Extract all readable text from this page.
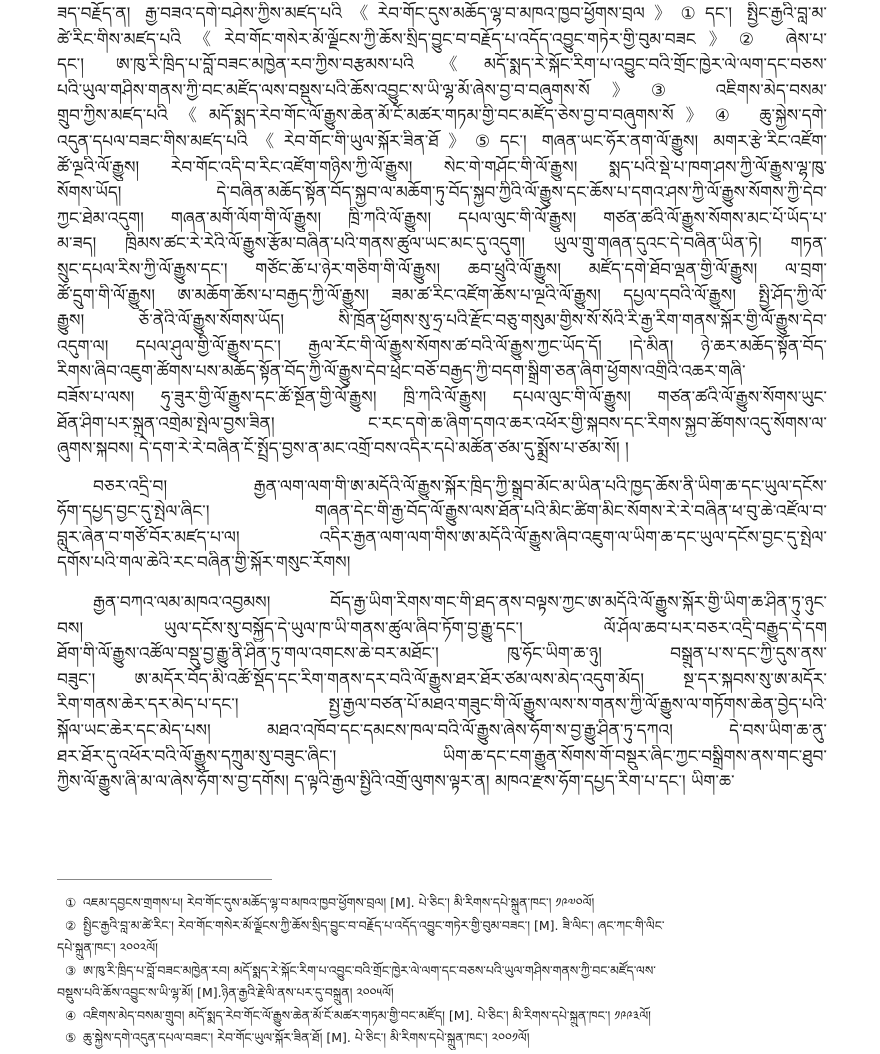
ཟད་བརྗོད་ན། རྒྱ་བཟའ་དགེ་བཤེས་ཀྱིས་མཛད་པའི《རེབ་གོང་དུས་མཆོད་ལྷ་བ་མཁའ་ཁྱབ་ཕྱོགས་བྲལ》①དང་། སྤྱིང་རྒྱའི་བླ་མ་
ཚེ་རིང་གིས་མཛད་པའི《རེབ་གོང་གསེར་མོ་ལྗོངས་ཀྱི་ཆོས་སྲིད་བྱུང་བ་བརྗོད་པ་འདོད་འབྱུང་གཏེར་གྱི་བུམ་བཟང》② ཞེས་པ་
དང་། ཨ་ཁུ་རི་ཁྲིད་པ་བློ་བཟང་མཁྱེན་རབ་ཀྱིས་བརྩམས་པའི《མདོ་སྨད་རེ་སྐོང་རིག་པ་འབྱུང་བའི་གྲོང་ཁྱེར་ལེ་ལག་དང་བཅས་
པའི་ཡུལ་གཤིས་གནས་ཀྱི་བང་མཛོད་ལས་བསྡུས་པའི་ཆོས་འབྱུང་ས་ཡི་ལྷ་མོ་ཞེས་བྱ་བ་བཞུགས་སོ》③ འཇིགས་མེད་བསམ་
གྲུབ་ཀྱིས་མཛད་པའི《མདོ་སྨད་རེབ་གོང་ལོ་རྒྱུས་ཆེན་མོ་ངོ་མཚར་གཏམ་གྱི་བང་མཛོད་ཅེས་བྱ་བ་བཞུགས་སོ》④ ཆུ་སྐྱེས་དགེ་
འདུན་དཔལ་བཟང་གིས་མཛད་པའི《རེབ་གོང་གི་ཡུལ་སྐོར་ཟིན་ཐོ》⑤དང་། གཞན་ཡང་ཧོར་ནག་ལོ་རྒྱུས། མགར་རྩེ་རིང་འཛོག་
ཚོ་ལྔའི་ལོ་རྒྱུས། རེབ་གོང་འདི་བ་རིང་འཛོག་གཉིས་ཀྱི་ལོ་རྒྱུས། སེང་གེ་གཤོང་གི་ལོ་རྒྱུས། སྨད་པའི་སྡེ་པ་ཁག་ཤས་ཀྱི་ལོ་རྒྱུས་ལྷ་ཁུ་
སོགས་ཡོད། དེ་བཞིན་མཆོད་སྟོན་བོད་སྐྱབ་ལ་མཆོག་ཏུ་བོད་སྐྱབ་ཀྱིའི་ལོ་རྒྱུས་དང་ཆོས་པ་དགའ་ཤས་ཀྱི་ལོ་རྒྱུས་སོགས་ཀྱི་དེབ་
ཀྱང་ཐེམ་འདུག། གཞན་མགོ་ལོག་གི་ལོ་རྒྱུས། ཁྲི་ཀའི་ལོ་རྒྱུས། དཔལ་ལུང་གི་ལོ་རྒྱུས། གཙན་ཚའི་ལོ་རྒྱུས་སོགས་མང་པོ་ཡོད་པ་
མ་ཟད། ཁྲིམས་ཚང་རེ་རེའི་ལོ་རྒྱུས་རྩོམ་བཞིན་པའི་གནས་ཚུལ་ཡང་མང་དུ་འདུག། ཡུལ་གྲུ་གཞན་དུའང་དེ་བཞིན་ཡིན་ཏེ། གཏན་
སྲུང་དཔལ་རིས་ཀྱི་ལོ་རྒྱུས་དང་། གཙོང་ཆོ་པ་ཉེར་གཅིག་གི་ལོ་རྒྱུས། ཆབ་ཕྲུའི་ལོ་རྒྱུས། མཛོད་དགེ་ཐོབ་ལྡན་གྱི་ལོ་རྒྱུས། ལ་བྲག་
ཚོ་དྲུག་གི་ལོ་རྒྱུས། ཨ་མཆོག་ཆོས་པ་བརྒྱད་ཀྱི་ལོ་རྒྱུས། ཟམ་ཚ་རིང་འཛོག་ཆོས་པ་ལྔའི་ལོ་རྒྱུས། དཔྱལ་དབའི་ལོ་རྒྱུས། སྤྱི་ཤོད་ཀྱི་ལོ་
རྒྱུས། ཅོ་ནེའི་ལོ་རྒྱུས་སོགས་ཡོད། སི་ཁྲོན་ཕྱོགས་སུ་ཧྲ་པའི་རྫོང་བཅུ་གསུམ་གྱིས་སོ་སོའི་རི་རྒྱ་རིག་གནས་སྐོར་གྱི་ལོ་རྒྱུས་དེབ་
འདུག་ལ། དཔལ་ཤུལ་གྱི་ལོ་རྒྱུས་དང་། རྒྱལ་རོང་གི་ལོ་རྒྱུས་སོགས་ཚ་བའི་ལོ་རྒྱུས་ཀྱང་ཡོད་དོ། །དེ་མིན། ཉེ་ཆར་མཆོད་སྟོན་བོད་
རིགས་ཞིབ་འཇུག་ཚོགས་པས་མཆོད་སྟོན་བོད་ཀྱི་ལོ་རྒྱུས་དེབ་ཕྲེང་བཅོ་བརྒྱད་ཀྱི་བདག་སྒྲིག་ཅན་ཞིག་ཕྱོགས་འགྲིའི་འཆར་གཞི་
བཟོས་པ་ལས། ཧུ་ཟུར་གྱི་ལོ་རྒྱུས་དང་ཚོ་སྔོན་གྱི་ལོ་རྒྱུས། ཁྲི་ཀའི་ལོ་རྒྱུས། དཔལ་ལུང་གི་ལོ་རྒྱུས། གཙན་ཚའི་ལོ་རྒྱུས་སོགས་ཡུང་
ཐོན་ཤིག་པར་སྐྲུན་འགྲེམ་སྤེལ་བྱས་ཟིན། ང་རང་དགེ་ཆ་ཞིག་དགའ་ཆར་འཕོར་གྱི་སྐབས་དང་རིགས་སྐྱབ་ཚོགས་འདུ་སོགས་ལ་
ཞུགས་སྐབས། དེ་དག་རེ་རེ་བཞིན་ངོ་སྤྲོད་བྱས་ན་མང་འགྲོ་བས་འདིར་དཔེ་མཚོན་ཙམ་དུ་སྨྲོས་པ་ཙམ་སོ། །
བཅར་འདྲི་བ། རྒྱན་ལག་ལག་གི་ཨ་མདོའི་ལོ་རྒྱུས་སྐོར་ཁྲིད་ཀྱི་སྒྲུབ་མོང་མ་ཡིན་པའི་ཁྱད་ཆོས་ནི་ཡིག་ཆ་དང་ཡུལ་དངོས་
ཧོག་དཔྱད་བྱང་དུ་སྤེལ་ཞིང་། གཞན་དེང་གི་རྒྱ་བོད་ལོ་རྒྱུས་ལས་ཐོན་པའི་མིང་ཚིག་མིང་སོགས་རེ་རེ་བཞིན་ཕ་བུ་ཆེ་འཛོལ་བ་
བླུར་ཞེན་བ་གཙོ་བོར་མཛད་པ་ལ། འདིར་རྒྱན་ལག་ལག་གིས་ཨ་མདོའི་ལོ་རྒྱུས་ཞིབ་འཇུག་ལ་ཡིག་ཆ་དང་ཡུལ་དངོས་བྱང་དུ་སྤེལ་
དགོས་པའི་གལ་ཆེའི་རང་བཞིན་གྱི་སྐོར་གསུང་རོགས།
རྒྱན་བཀའ་ལམ་མཁའ་འབྱམས། བོད་རྒྱ་ཡིག་རིགས་གང་གི་ཐད་ནས་བལྟས་ཀྱང་ཨ་མདོའི་ལོ་རྒྱུས་སྐོར་གྱི་ཡིག་ཆ་ཤིན་ཏུ་ཉུང་
བས། ཡུལ་དངོས་སུ་བསྐྱོད་དེ་ཡུལ་ཁ་ཡི་གནས་ཚུལ་ཞིབ་ཏོག་བྱ་རྒྱུ་དང་། ལོ་ཤོལ་ཆབ་པར་བཅར་འདྲི་བརྒྱུད་དེ་དག
ཐོག་གི་ལོ་རྒྱུས་འཚོལ་བསྡུ་བྱ་རྒྱུ་ནི་ཤིན་ཏུ་གལ་འགངས་ཆེ་བར་མཐོང་། ཁུ་ཧོང་ཡིག་ཆ་ཉུ། བསྒྲུན་པ་ས་དང་ཀྱི་དུས་ནས་
བཟུང་། ཨ་མདོར་བོད་མི་འཚོ་སྡོད་དང་རིག་གནས་དར་བའི་ལོ་རྒྱུས་ཐར་ཐོར་ཙམ་ལས་མེད་འདུག་མོད། སྔ་དར་སྐབས་སུ་ཨ་མདོར་
རིག་གནས་ཆེར་དར་མེད་པ་དང་། སྤྱ་རྒྱལ་བཙན་པོ་མཐའ་གཟུང་གི་ལོ་རྒྱུས་ལས་ས་གནས་ཀྱི་ལོ་རྒྱུས་ལ་གཏོགས་ཆེན་བྱེད་པའི་
སྐོལ་ཡང་ཆེར་དང་མེད་པས། མཐའ་འཁོབ་དང་དམངས་ཁལ་བའི་ལོ་རྒྱུས་ཞེས་ཧོག་ས་བྱ་རྒྱུ་ཤིན་ཏུ་དཀའ། དེ་བས་ཡིག་ཆ་ནུ་
ཐར་ཐོར་དུ་འཕོར་བའི་ལོ་རྒྱུས་དཀྲུམ་སུ་བཟུང་ཞིང་། ཡིག་ཆ་དང་ངག་རྒྱུན་སོགས་གོ་བསྡུར་ཞིང་ཀྱང་བསྒྲིགས་ནས་གང་ཐུབ་
ཀྱིས་ལོ་རྒྱུས་ཞི་མ་ལ་ཞེས་ཧོག་ས་བྱ་དགོས། ད་ལྟའི་རྒྱལ་སྤྱིའི་འགྲོ་ལུགས་ལྟར་ན། མཁའ་རྫས་ཧོག་དཔྱད་རིག་པ་དང་། ཡིག་ཆ་
① འཇམ་དབྱངས་གྲགས་པ། རེབ་གོང་དུས་མཆོད་ལྷ་བ་མཁའ་ཁྱབ་ཕྱོགས་བྲལ། [M]. པེ་ཅིང་། མི་རིགས་དཔེ་སྐྲུན་ཁང་། ༡༩༧༠ལོ།
② སྤྱིང་རྒྱའི་བླ་མ་ཚེ་རིང་། རེབ་གོང་གསེར་མོ་ལྗོངས་ཀྱི་ཆོས་སྲིད་བྱུང་བ་བརྗོད་པ་འདོད་འབྱུང་གཏེར་གྱི་བུམ་བཟང་། [M]. ཟི་ལིང་། ཞང་ཀང་གི་ལིང་
དཔེ་སྐྲུན་ཁང་། ༢༠༠༢ལོ།
③ ཨ་ཁུ་རི་ཁྲིད་པ་བློ་བཟང་མཁྱེན་རབ། མདོ་སྨད་རེ་སྐོང་རིག་པ་འབྱུང་བའི་གྲོང་ཁྱེར་ལེ་ལག་དང་བཅས་པའི་ཡུལ་གཤིས་གནས་ཀྱི་བང་མཛོད་ལས་
བསྡུས་པའི་ཆོས་འབྱུང་ས་ཡི་ལྷ་མོ། [M].ཉིན་རྒྱའི་རྗེ་ལི་ནས་པར་དུ་བསྐྲུན། ༢༠༠༥ལོ།
④ འཇིགས་མེད་བསམ་གྲུབ། མདོ་སྨད་རེབ་གོང་ལོ་རྒྱུས་ཆེན་མོ་ངོ་མཚར་གཏམ་གྱི་བང་མཛོད། [M]. པེ་ཅིང་། མི་རིགས་དཔེ་སྐྲུན་ཁང་། ༡༩༩༣ལོ།
⑤ ཆུ་སྐྱེས་དགེ་འདུན་དཔལ་བཟང་། རེབ་གོང་ཡུལ་སྐོར་ཟིན་ཐོ། [M]. པེ་ཅིང་། མི་རིགས་དཔེ་སྐྲུན་ཁང་། ༢༠༠༡ལོ།
